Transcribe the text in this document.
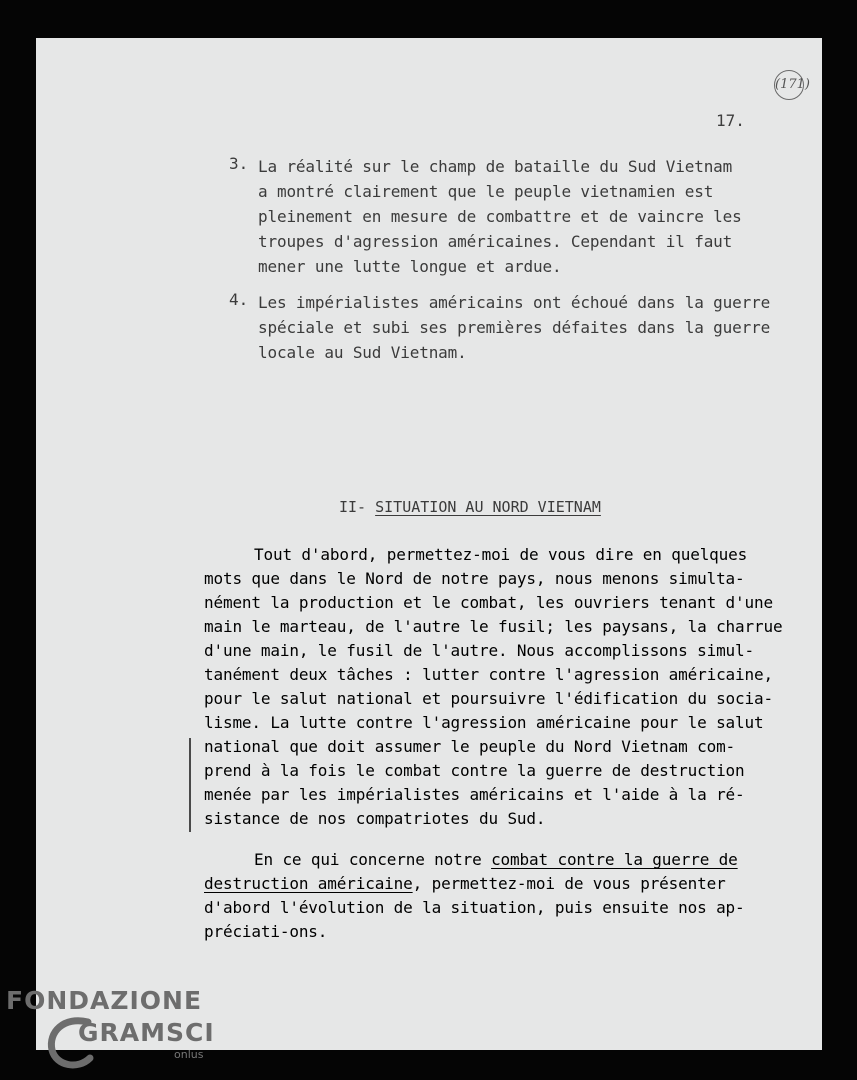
(171)
17.
3. La réalité sur le champ de bataille du Sud Vietnam
a montré clairement que le peuple vietnamien est
pleinement en mesure de combattre et de vaincre les
troupes d'agression américaines. Cependant il faut
mener une lutte longue et ardue.
4. Les impérialistes américains ont échoué dans la guerre
spéciale et subi ses premières défaites dans la guerre
locale au Sud Vietnam.
II- SITUATION AU NORD VIETNAM
Tout d'abord, permettez-moi de vous dire en quelques
mots que dans le Nord de notre pays, nous menons simulta-
nément la production et le combat, les ouvriers tenant d'une
main le marteau, de l'autre le fusil; les paysans, la charrue
d'une main, le fusil de l'autre. Nous accomplissons simul-
tanément deux tâches : lutter contre l'agression américaine,
pour le salut national et poursuivre l'édification du socia-
lisme. La lutte contre l'agression américaine pour le salut
national que doit assumer le peuple du Nord Vietnam com-
prend à la fois le combat contre la guerre de destruction
menée par les impérialistes américains et l'aide à la ré-
sistance de nos compatriotes du Sud.
En ce qui concerne notre combat contre la guerre de
destruction américaine, permettez-moi de vous présenter
d'abord l'évolution de la situation, puis ensuite nos ap-
préciati-ons.
FONDAZIONE
GRAMSCI
onlus
